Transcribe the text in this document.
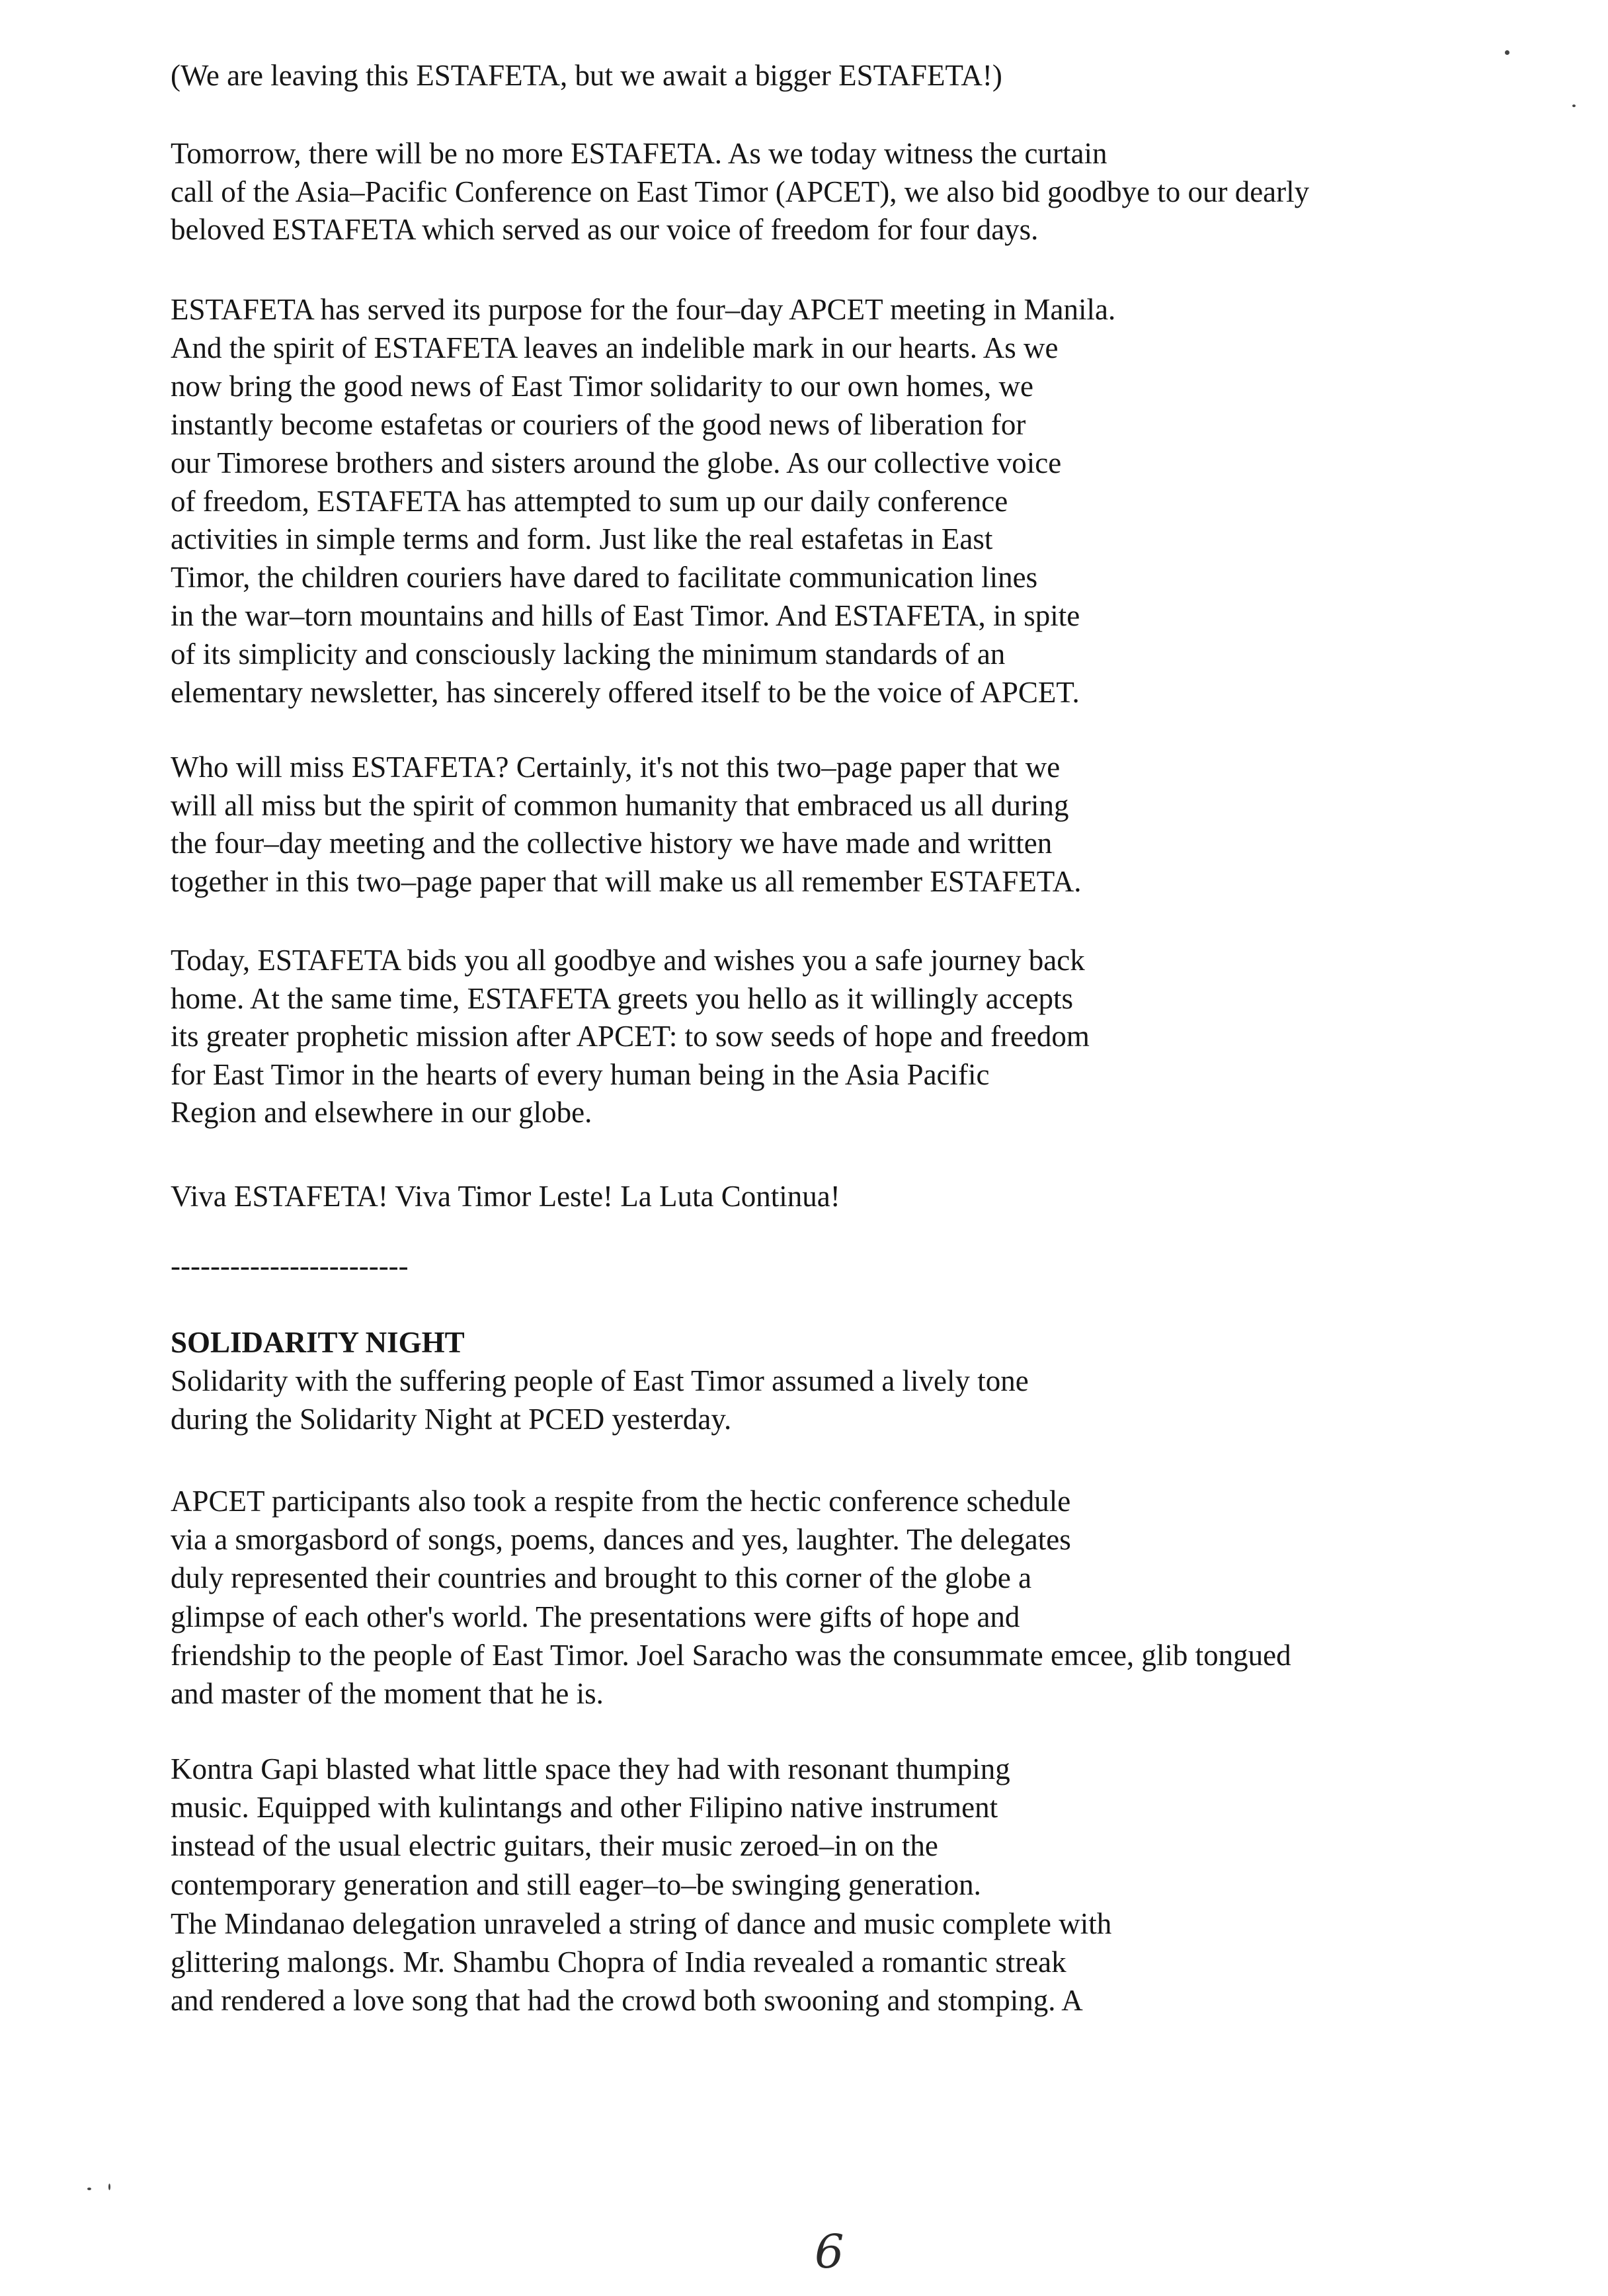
(We are leaving this ESTAFETA, but we await a bigger ESTAFETA!)
Tomorrow, there will be no more ESTAFETA. As we today witness the curtain
call of the Asia–Pacific Conference on East Timor (APCET), we also bid goodbye to our dearly
beloved ESTAFETA which served as our voice of freedom for four days.
ESTAFETA has served its purpose for the four–day APCET meeting in Manila.
And the spirit of ESTAFETA leaves an indelible mark in our hearts. As we
now bring the good news of East Timor solidarity to our own homes, we
instantly become estafetas or couriers of the good news of liberation for
our Timorese brothers and sisters around the globe. As our collective voice
of freedom, ESTAFETA has attempted to sum up our daily conference
activities in simple terms and form. Just like the real estafetas in East
Timor, the children couriers have dared to facilitate communication lines
in the war–torn mountains and hills of East Timor. And ESTAFETA, in spite
of its simplicity and consciously lacking the minimum standards of an
elementary newsletter, has sincerely offered itself to be the voice of APCET.
Who will miss ESTAFETA? Certainly, it's not this two–page paper that we
will all miss but the spirit of common humanity that embraced us all during
the four–day meeting and the collective history we have made and written
together in this two–page paper that will make us all remember ESTAFETA.
Today, ESTAFETA bids you all goodbye and wishes you a safe journey back
home. At the same time, ESTAFETA greets you hello as it willingly accepts
its greater prophetic mission after APCET: to sow seeds of hope and freedom
for East Timor in the hearts of every human being in the Asia Pacific
Region and elsewhere in our globe.
Viva ESTAFETA! Viva Timor Leste! La Luta Continua!
------------------------
SOLIDARITY NIGHT
Solidarity with the suffering people of East Timor assumed a lively tone
during the Solidarity Night at PCED yesterday.
APCET participants also took a respite from the hectic conference schedule
via a smorgasbord of songs, poems, dances and yes, laughter. The delegates
duly represented their countries and brought to this corner of the globe a
glimpse of each other's world. The presentations were gifts of hope and
friendship to the people of East Timor. Joel Saracho was the consummate emcee, glib tongued
and master of the moment that he is.
Kontra Gapi blasted what little space they had with resonant thumping
music. Equipped with kulintangs and other Filipino native instrument
instead of the usual electric guitars, their music zeroed–in on the
contemporary generation and still eager–to–be swinging generation.
The Mindanao delegation unraveled a string of dance and music complete with
glittering malongs. Mr. Shambu Chopra of India revealed a romantic streak
and rendered a love song that had the crowd both swooning and stomping. A
6
